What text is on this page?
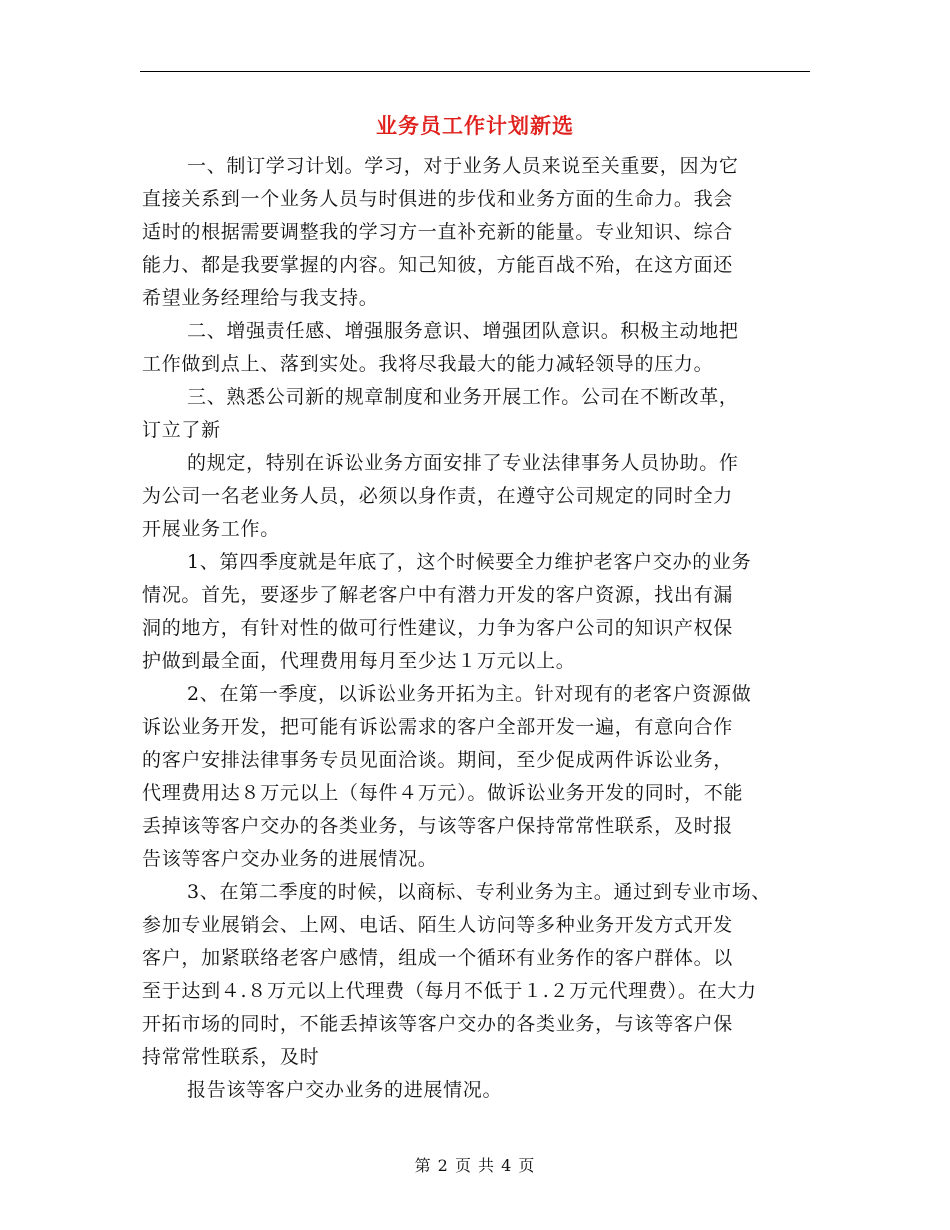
业务员工作计划新选
一、制订学习计划。学习，对于业务人员来说至关重要，因为它
直接关系到一个业务人员与时俱进的步伐和业务方面的生命力。我会
适时的根据需要调整我的学习方一直补充新的能量。专业知识、综合
能力、都是我要掌握的内容。知己知彼，方能百战不殆，在这方面还
希望业务经理给与我支持。
二、增强责任感、增强服务意识、增强团队意识。积极主动地把
工作做到点上、落到实处。我将尽我最大的能力减轻领导的压力。
三、熟悉公司新的规章制度和业务开展工作。公司在不断改革，
订立了新
的规定，特别在诉讼业务方面安排了专业法律事务人员协助。作
为公司一名老业务人员，必须以身作责，在遵守公司规定的同时全力
开展业务工作。
1、第四季度就是年底了，这个时候要全力维护老客户交办的业务
情况。首先，要逐步了解老客户中有潜力开发的客户资源，找出有漏
洞的地方，有针对性的做可行性建议，力争为客户公司的知识产权保
护做到最全面，代理费用每月至少达１万元以上。
2、在第一季度，以诉讼业务开拓为主。针对现有的老客户资源做
诉讼业务开发，把可能有诉讼需求的客户全部开发一遍，有意向合作
的客户安排法律事务专员见面洽谈。期间，至少促成两件诉讼业务，
代理费用达８万元以上（每件４万元）。做诉讼业务开发的同时，不能
丢掉该等客户交办的各类业务，与该等客户保持常常性联系，及时报
告该等客户交办业务的进展情况。
3、在第二季度的时候，以商标、专利业务为主。通过到专业市场、
参加专业展销会、上网、电话、陌生人访问等多种业务开发方式开发
客户，加紧联络老客户感情，组成一个循环有业务作的客户群体。以
至于达到４.８万元以上代理费（每月不低于１.２万元代理费）。在大力
开拓市场的同时，不能丢掉该等客户交办的各类业务，与该等客户保
持常常性联系，及时
报告该等客户交办业务的进展情况。
第 2 页 共 4 页
